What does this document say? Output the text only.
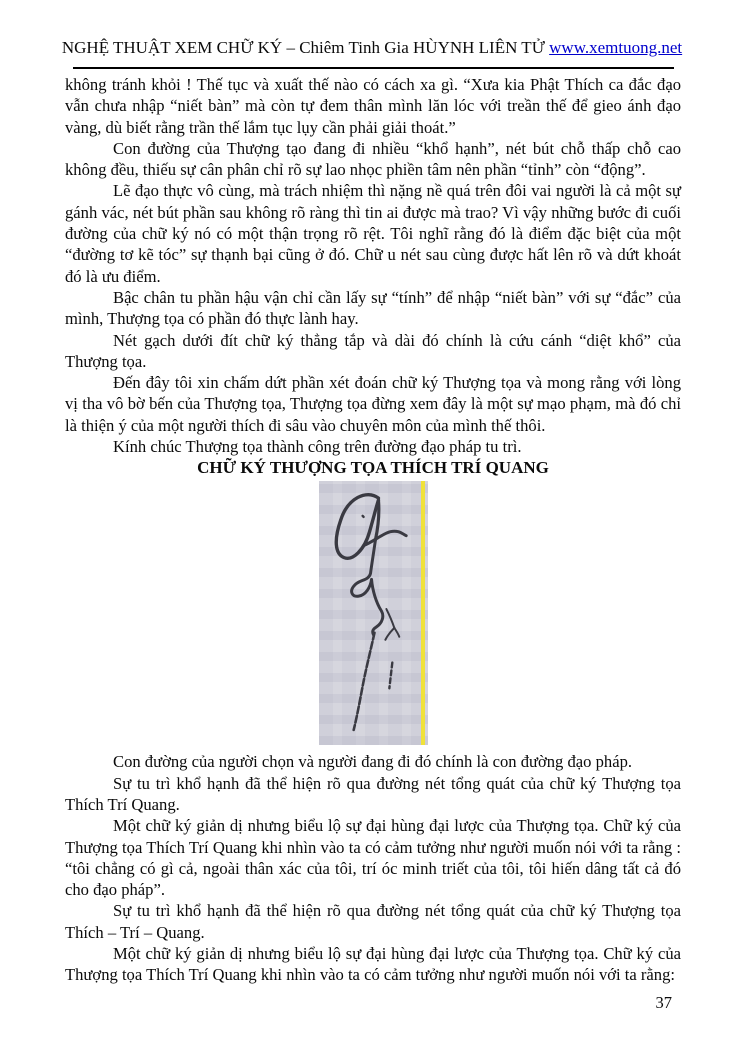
NGHỆ THUẬT XEM CHỮ KÝ – Chiêm Tinh Gia HÙYNH LIÊN TỬ www.xemtuong.net

không tránh khỏi ! Thế tục và xuất thế nào có cách xa gì. “Xưa kia Phật Thích ca đắc đạo vẫn chưa nhập “niết bàn” mà còn tự đem thân mình lăn lóc với treần thế để gieo ánh đạo vàng, dù biết rằng trần thế lắm tục lụy cần phải giải thoát.”

Con đường của Thượng tạo đang đi nhiều “khổ hạnh”, nét bút chỗ thấp chỗ cao không đều, thiếu sự cân phân chỉ rõ sự lao nhọc phiền tâm nên phần “tỉnh” còn “động”.

Lẽ đạo thực vô cùng, mà trách nhiệm thì nặng nề quá trên đôi vai người là cả một sự gánh vác, nét bút phần sau không rõ ràng thì tin ai được mà trao? Vì vậy những bước đi cuối đường của chữ ký nó có một thận trọng rõ rệt. Tôi nghĩ rằng đó là điểm đặc biệt của một “đường tơ kẽ tóc” sự thạnh bại cũng ở đó. Chữ u nét sau cùng được hất lên rõ và dứt khoát đó là ưu điểm.

Bậc chân tu phần hậu vận chỉ cần lấy sự “tính” để nhập “niết bàn” với sự “đắc” của mình, Thượng tọa có phần đó thực lành hay.

Nét gạch dưới đít chữ ký thẳng tắp và dài đó chính là cứu cánh “diệt khổ” của Thượng tọa.

Đến đây tôi xin chấm dứt phần xét đoán chữ ký Thượng tọa và mong rằng với lòng vị tha vô bờ bến của Thượng tọa, Thượng tọa đừng xem đây là một sự mạo phạm, mà đó chỉ là thiện ý của một người thích đi sâu vào chuyên môn của mình thế thôi.

Kính chúc Thượng tọa thành công trên đường đạo pháp tu trì.

CHỮ KÝ THƯỢNG TỌA THÍCH TRÍ QUANG

Con đường của người chọn và người đang đi đó chính là con đường đạo pháp.

Sự tu trì khổ hạnh đã thể hiện rõ qua đường nét tổng quát của chữ ký Thượng tọa Thích Trí Quang.

Một chữ ký giản dị nhưng biểu lộ sự đại hùng đại lược của Thượng tọa. Chữ ký của Thượng tọa Thích Trí Quang khi nhìn vào ta có cảm tưởng như người muốn nói với ta rằng : “tôi chẳng có gì cả, ngoài thân xác của tôi, trí óc minh triết của tôi, tôi hiến dâng tất cả đó cho đạo pháp”.

Sự tu trì khổ hạnh đã thể hiện rõ qua đường nét tổng quát của chữ ký Thượng tọa Thích – Trí – Quang.

Một chữ ký giản dị nhưng biểu lộ sự đại hùng đại lược của Thượng tọa. Chữ ký của Thượng tọa Thích Trí Quang khi nhìn vào ta có cảm tưởng như người muốn nói với ta rằng:

37
